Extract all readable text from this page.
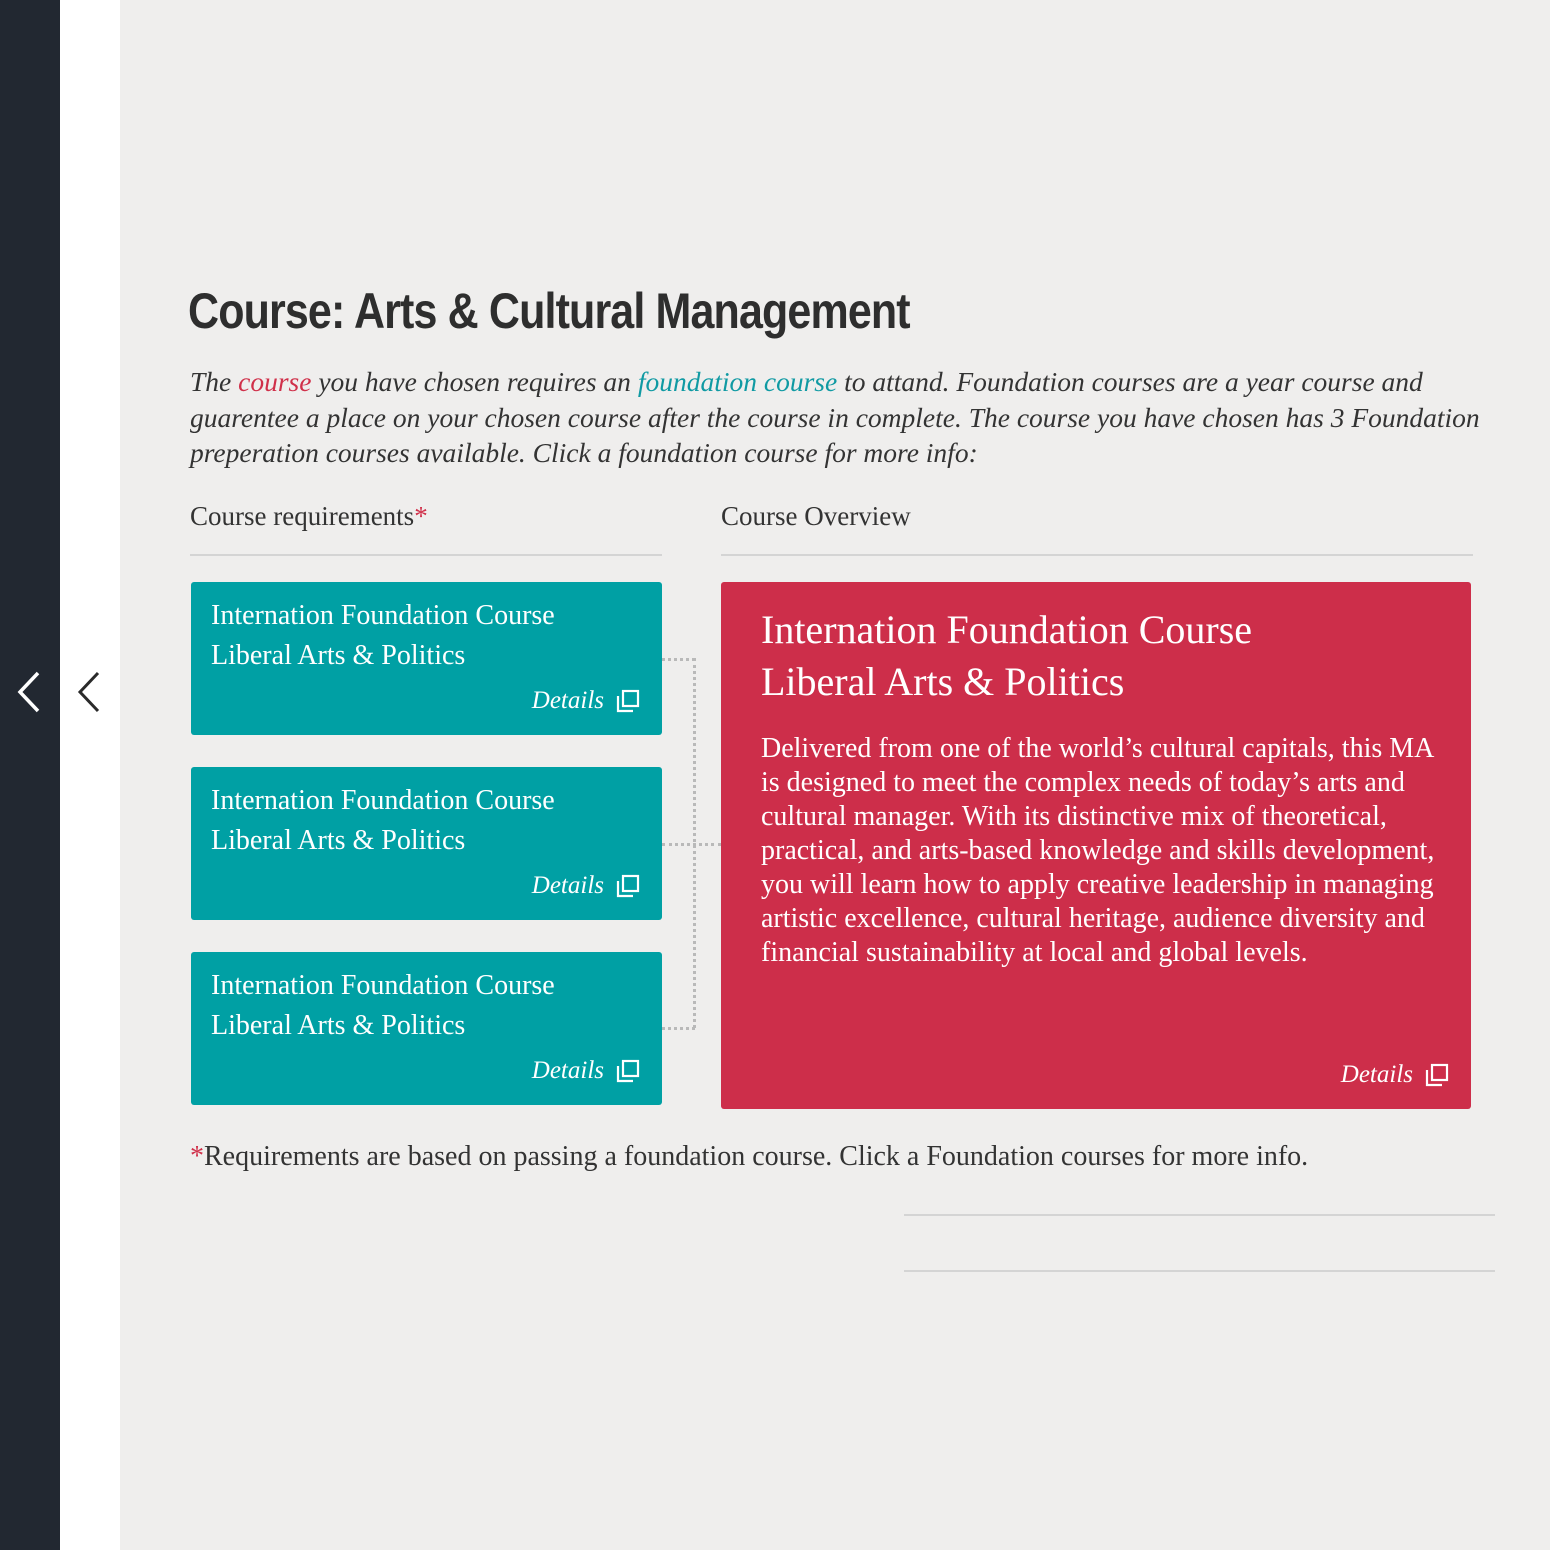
Course: Arts & Cultural Management

The course you have chosen requires an foundation course to attand. Foundation courses are a year course and guarentee a place on your chosen course after the course in complete. The course you have chosen has 3 Foundation preperation courses available. Click a foundation course for more info:

Course requirements*	Course Overview
Internation Foundation Course
Liberal Arts & Politics
Details
Internation Foundation Course
Liberal Arts & Politics
Details
Internation Foundation Course
Liberal Arts & Politics
Details
Internation Foundation Course
Liberal Arts & Politics
Delivered from one of the world’s cultural capitals, this MA is designed to meet the complex needs of today’s arts and cultural manager. With its distinctive mix of theoretical, practical, and arts-based knowledge and skills development, you will learn how to apply creative leadership in managing artistic excellence, cultural heritage, audience diversity and financial sustainability at local and global levels.
Details

*Requirements are based on passing a foundation course. Click a Foundation courses for more info.
